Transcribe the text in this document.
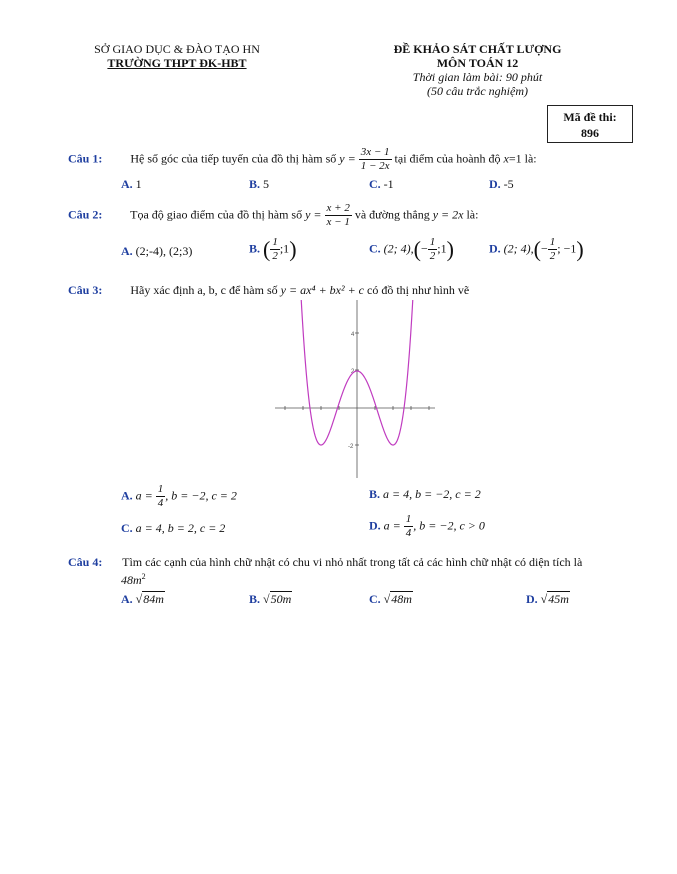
SỞ GIAO DỤC & ĐÀO TẠO HN
TRƯỜNG THPT ĐK-HBT
ĐỀ KHẢO SÁT CHẤT LƯỢNG
MÔN TOÁN 12
Thời gian làm bài: 90 phút
(50 câu trắc nghiệm)
Mã đề thi:
896
Câu 1: Hệ số góc của tiếp tuyến của đồ thị hàm số $y = \frac{3x - 1}{1 - 2x}$ tại điểm của hoành độ x=1 là:
A. 1	B. 5	C. -1	D. -5
Câu 2: Tọa độ giao điểm của đồ thị hàm số $y = \frac{x + 2}{x - 1}$ và đường thẳng y = 2x là:
A. (2;-4), (2;3)	B. ( $\frac{1}{2}$ ;1)	C. (2; $4),(- \frac{1}{2}$ ;1)	D. (2; $4),(- \frac{1}{2}$ ; −1)
Câu 3: Hãy xác định a, b, c để hàm số y = ax⁴ + bx² + c có đồ thị như hình vẽ
4
2
-2
A. $a = \frac{1}{4}$ , b = −2, c = 2	B. a = 4, b = −2, c = 2
C. a = 4, b = 2, c = 2	D. $a = \frac{1}{4}$ , b = −2, c > 0
Câu 4: Tìm các cạnh của hình chữ nhật có chu vi nhỏ nhất trong tất cả các hình chữ nhật có diện tích là
$48m^2$
A. √84m	B. √50m	C. √48m	D. √45m
